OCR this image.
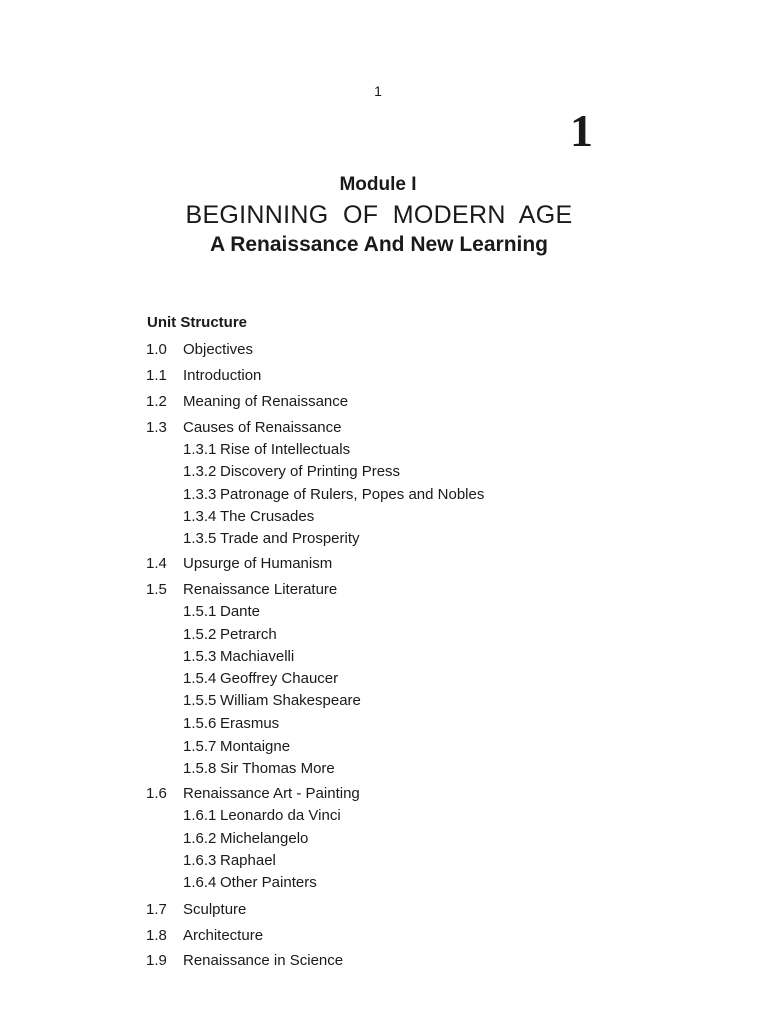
1
1
Module I
BEGINNING  OF  MODERN  AGE
A Renaissance And New Learning
Unit Structure
1.0 Objectives
1.1 Introduction
1.2 Meaning of Renaissance
1.3 Causes of Renaissance
1.3.1 Rise of Intellectuals
1.3.2 Discovery of Printing Press
1.3.3 Patronage of Rulers, Popes and Nobles
1.3.4 The Crusades
1.3.5 Trade and Prosperity
1.4 Upsurge of Humanism
1.5 Renaissance Literature
1.5.1 Dante
1.5.2 Petrarch
1.5.3 Machiavelli
1.5.4 Geoffrey Chaucer
1.5.5 William Shakespeare
1.5.6 Erasmus
1.5.7 Montaigne
1.5.8 Sir Thomas More
1.6 Renaissance Art - Painting
1.6.1 Leonardo da Vinci
1.6.2 Michelangelo
1.6.3 Raphael
1.6.4 Other Painters
1.7 Sculpture
1.8 Architecture
1.9 Renaissance in Science
